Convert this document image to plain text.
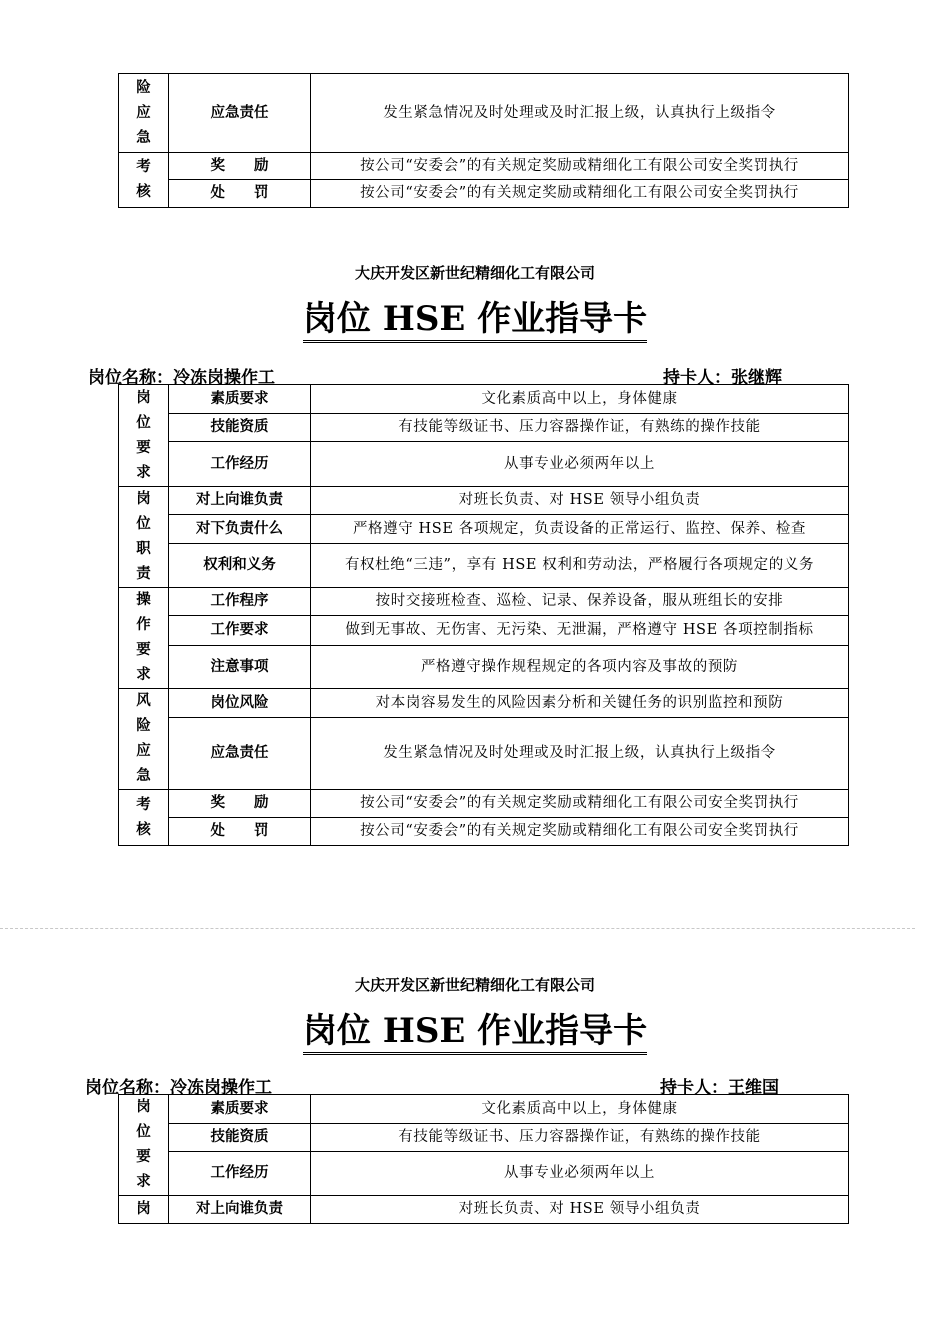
险
应
急	应急责任	发生紧急情况及时处理或及时汇报上级，认真执行上级指令

考
核	奖　　励	按公司“安委会”的有关规定奖励或精细化工有限公司安全奖罚执行
	处　　罚	按公司“安委会”的有关规定奖励或精细化工有限公司安全奖罚执行
大庆开发区新世纪精细化工有限公司
岗位 HSE 作业指导卡
岗位名称：冷冻岗操作工	持卡人：张继辉
岗
位
要
求	素质要求	文化素质高中以上，身体健康
	技能资质	有技能等级证书、压力容器操作证，有熟练的操作技能
	工作经历	从事专业必须两年以上

岗
位
职
责	对上向谁负责	对班长负责、对 HSE 领导小组负责
	对下负责什么	严格遵守 HSE 各项规定，负责设备的正常运行、监控、保养、检查
	权利和义务	有权杜绝“三违”，享有 HSE 权利和劳动法，严格履行各项规定的义务

操
作
要
求	工作程序	按时交接班检查、巡检、记录、保养设备，服从班组长的安排
	工作要求	做到无事故、无伤害、无污染、无泄漏，严格遵守 HSE 各项控制指标
	注意事项	严格遵守操作规程规定的各项内容及事故的预防

风
险
应
急	岗位风险	对本岗容易发生的风险因素分析和关键任务的识别监控和预防
	应急责任	发生紧急情况及时处理或及时汇报上级，认真执行上级指令

考
核	奖　　励	按公司“安委会”的有关规定奖励或精细化工有限公司安全奖罚执行
	处　　罚	按公司“安委会”的有关规定奖励或精细化工有限公司安全奖罚执行
大庆开发区新世纪精细化工有限公司
岗位 HSE 作业指导卡
岗位名称：冷冻岗操作工	持卡人：王维国
岗
位
要
求	素质要求	文化素质高中以上，身体健康
	技能资质	有技能等级证书、压力容器操作证，有熟练的操作技能
	工作经历	从事专业必须两年以上
岗	对上向谁负责	对班长负责、对 HSE 领导小组负责
